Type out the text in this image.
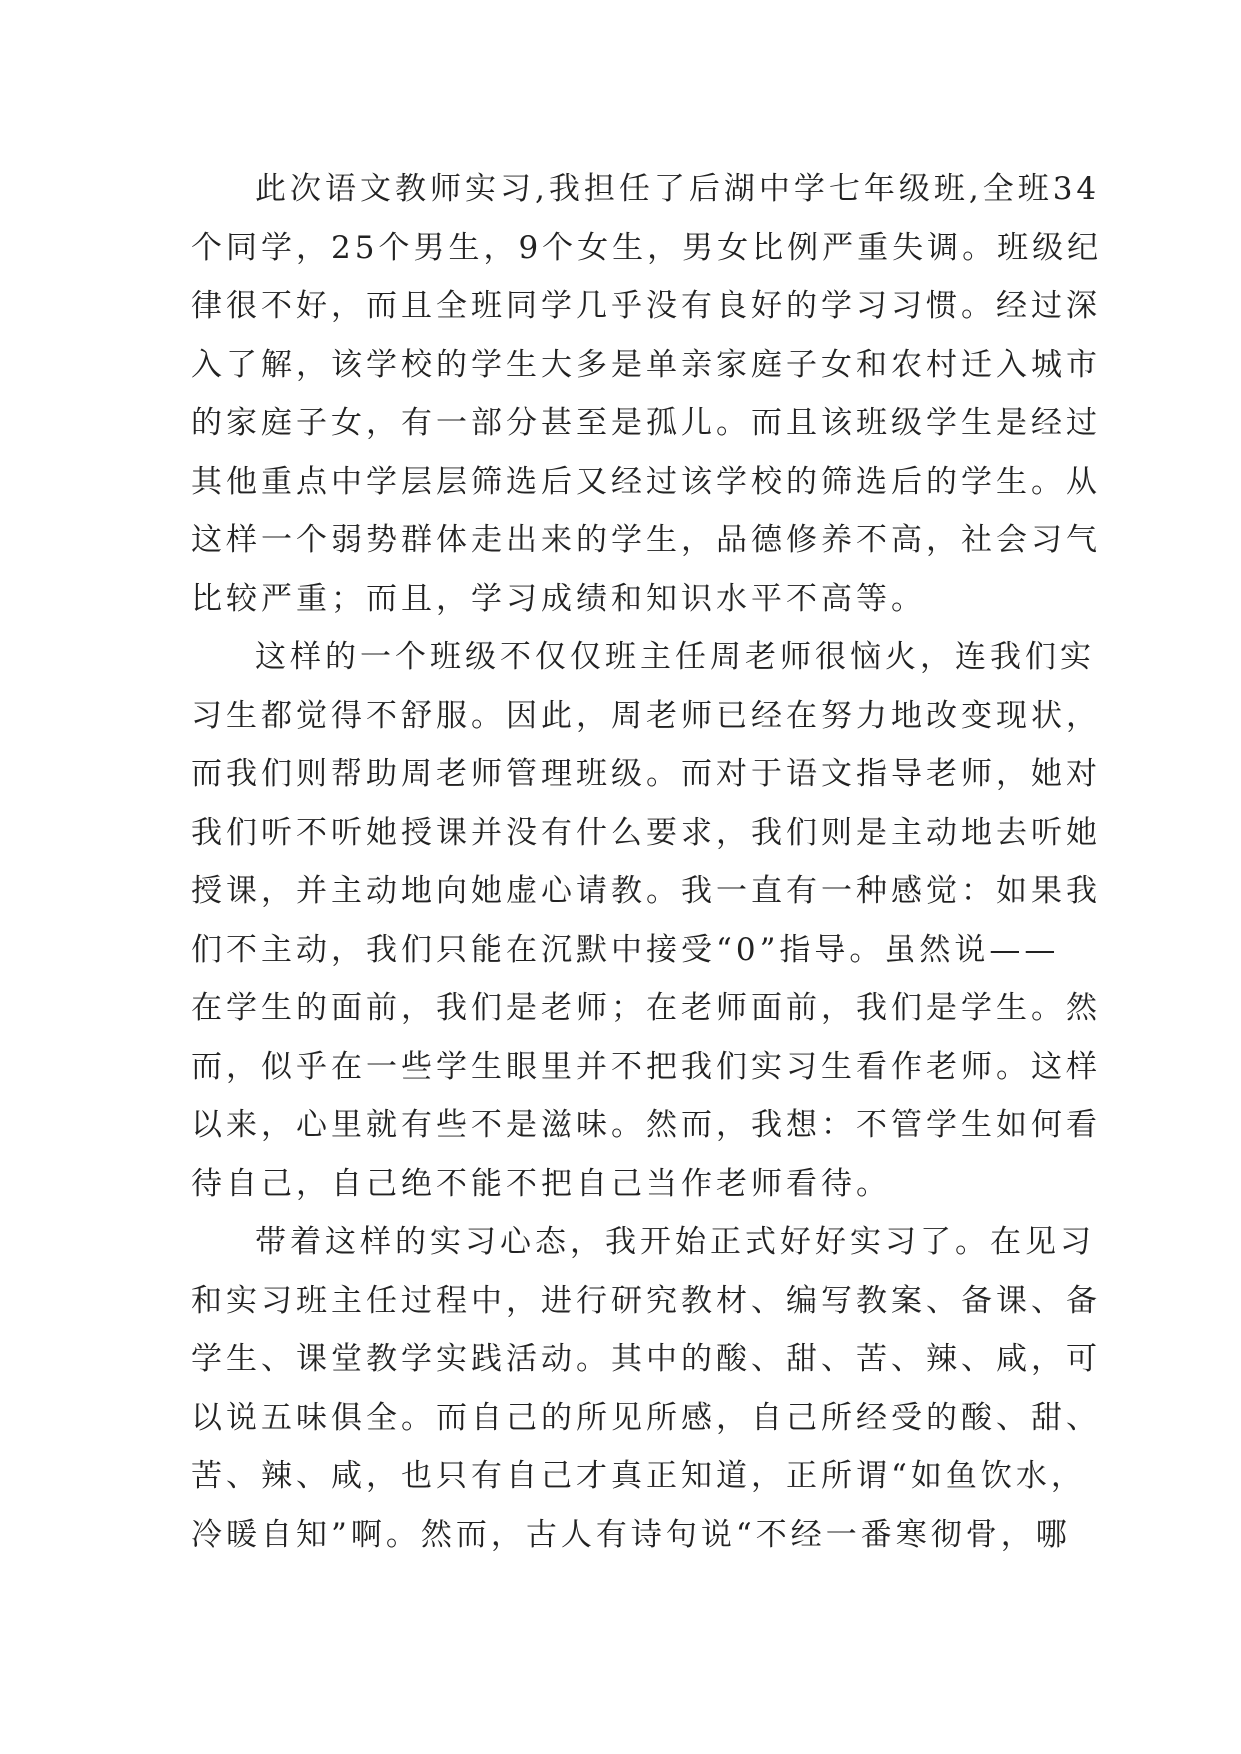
此次语文教师实习,我担任了后湖中学七年级班,全班34

个同学，25个男生，9个女生，男女比例严重失调。班级纪

律很不好，而且全班同学几乎没有良好的学习习惯。经过深

入了解，该学校的学生大多是单亲家庭子女和农村迁入城市

的家庭子女，有一部分甚至是孤儿。而且该班级学生是经过

其他重点中学层层筛选后又经过该学校的筛选后的学生。从

这样一个弱势群体走出来的学生，品德修养不高，社会习气

比较严重；而且，学习成绩和知识水平不高等。

这样的一个班级不仅仅班主任周老师很恼火，连我们实

习生都觉得不舒服。因此，周老师已经在努力地改变现状，

而我们则帮助周老师管理班级。而对于语文指导老师，她对

我们听不听她授课并没有什么要求，我们则是主动地去听她

授课，并主动地向她虚心请教。我一直有一种感觉：如果我

们不主动，我们只能在沉默中接受“0”指导。虽然说——

在学生的面前，我们是老师；在老师面前，我们是学生。然

而，似乎在一些学生眼里并不把我们实习生看作老师。这样

以来，心里就有些不是滋味。然而，我想：不管学生如何看

待自己，自己绝不能不把自己当作老师看待。

带着这样的实习心态，我开始正式好好实习了。在见习

和实习班主任过程中，进行研究教材、编写教案、备课、备

学生、课堂教学实践活动。其中的酸、甜、苦、辣、咸，可

以说五味俱全。而自己的所见所感，自己所经受的酸、甜、

苦、辣、咸，也只有自己才真正知道，正所谓“如鱼饮水，

冷暖自知”啊。然而，古人有诗句说“不经一番寒彻骨，哪
